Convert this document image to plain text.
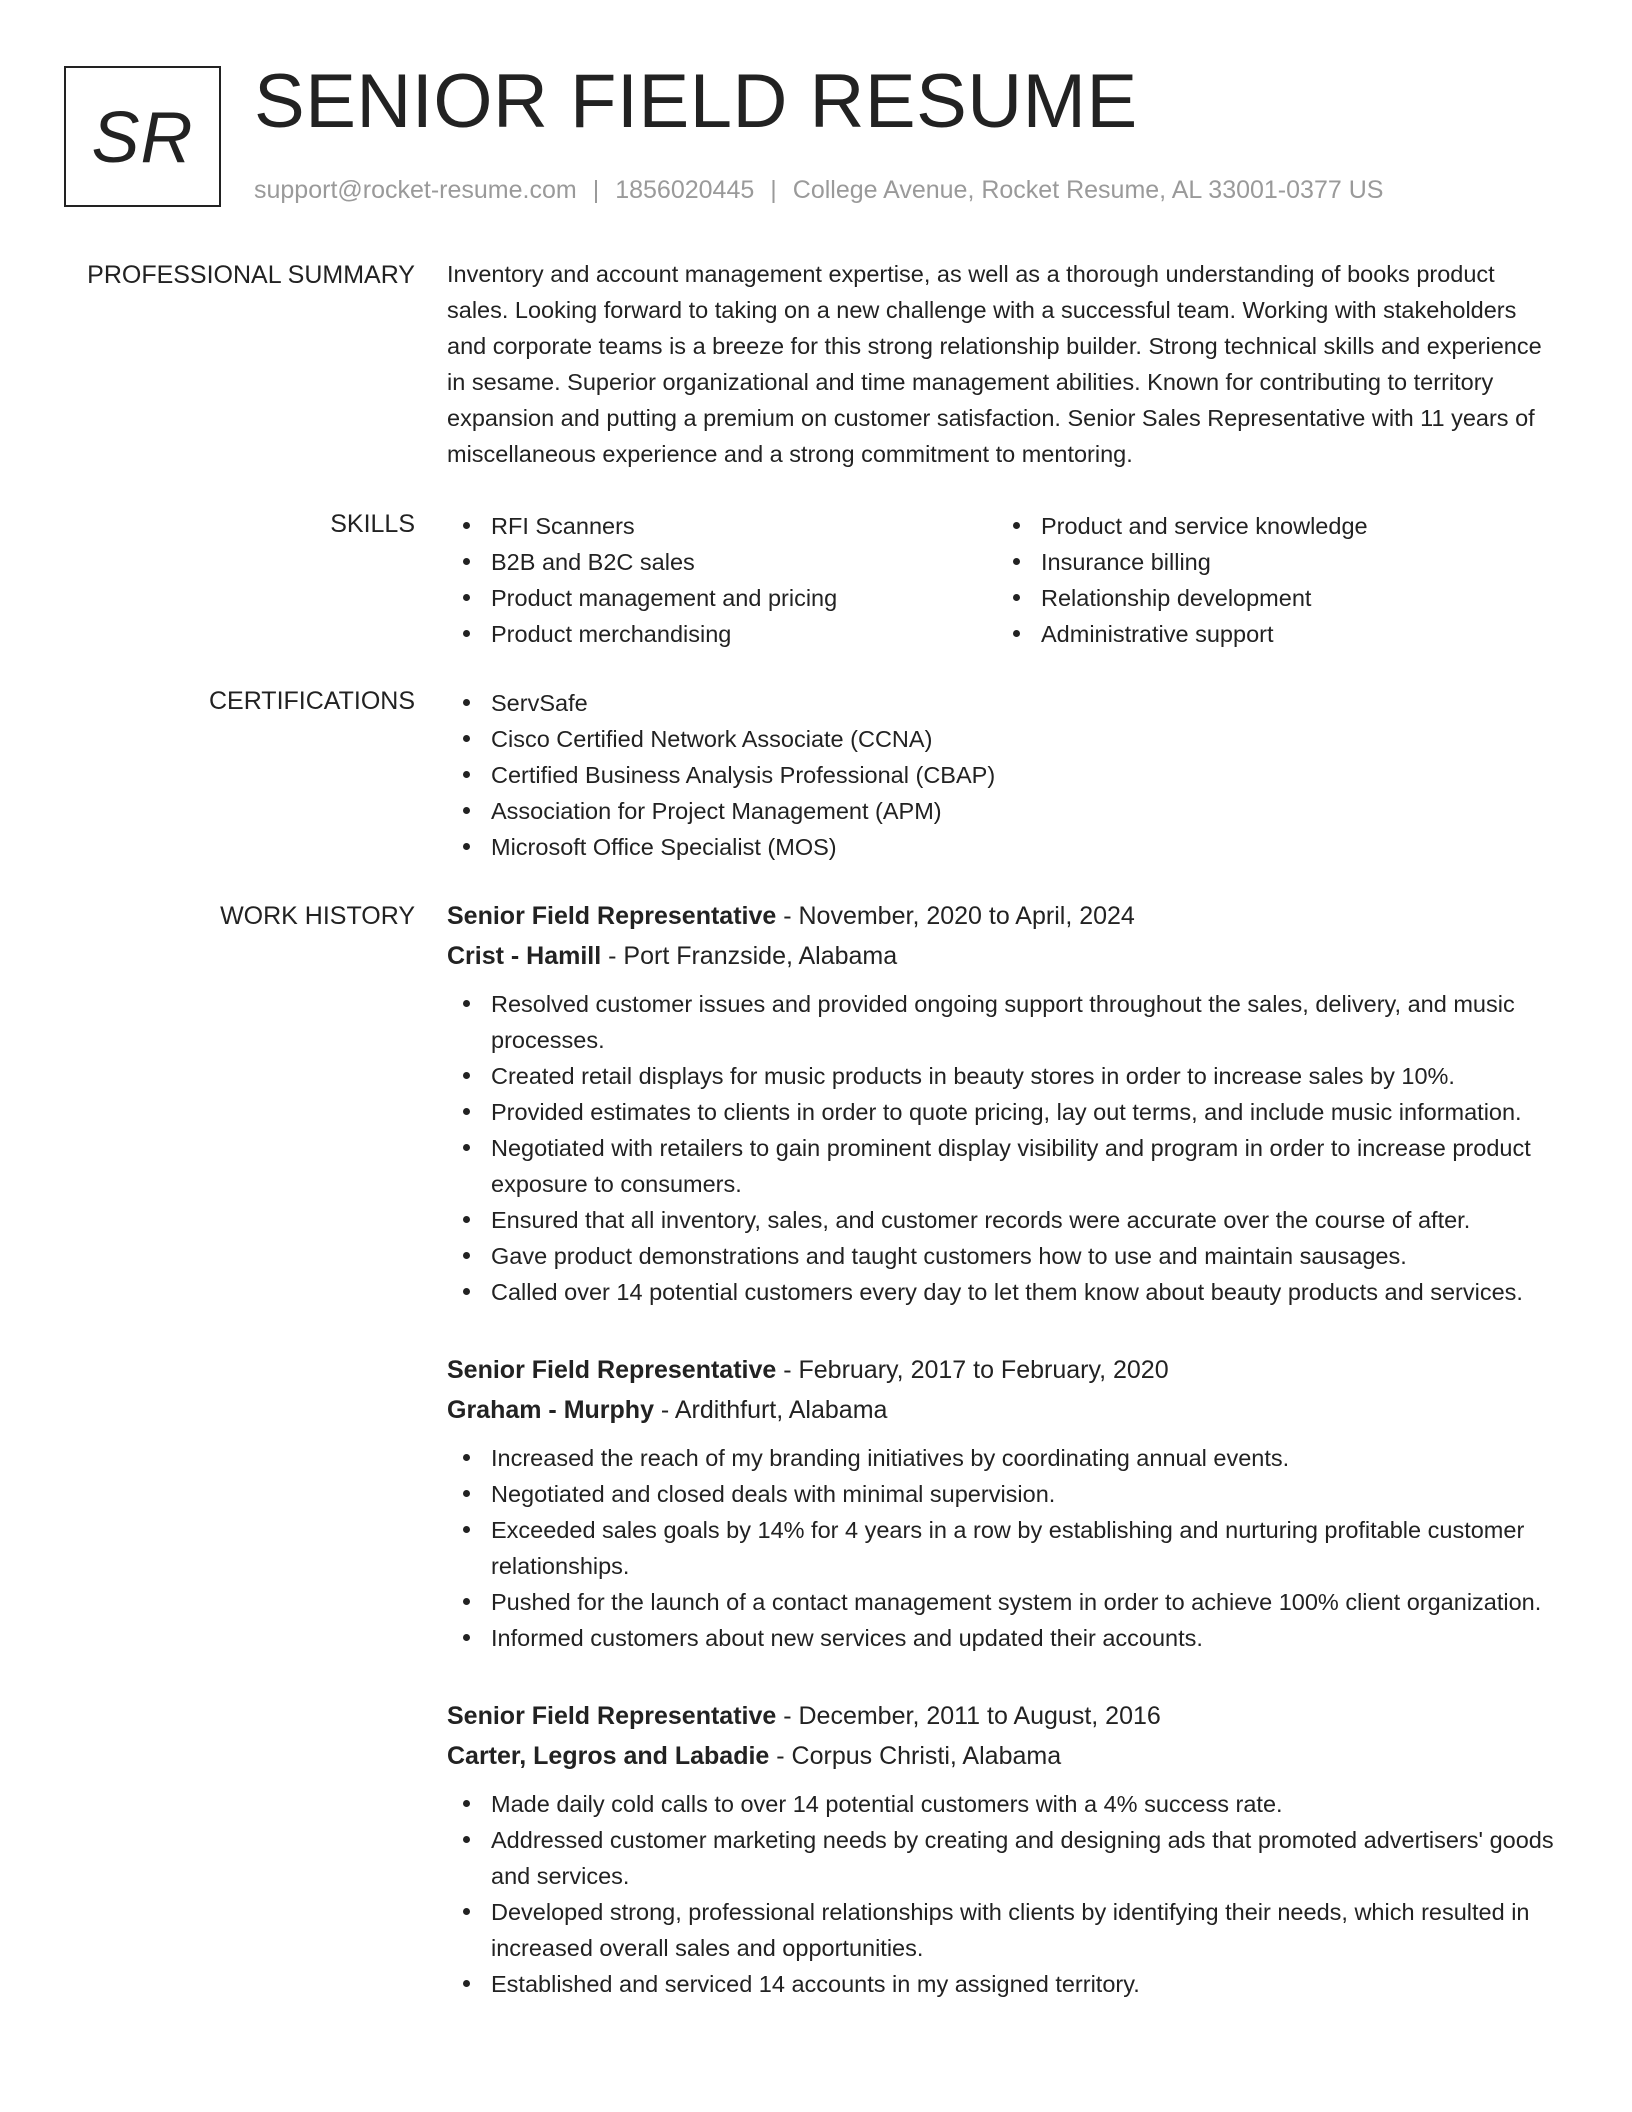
SR SENIOR FIELD RESUME
support@rocket-resume.com | 1856020445 | College Avenue, Rocket Resume, AL 33001-0377 US
PROFESSIONAL SUMMARY Inventory and account management expertise, as well as a thorough understanding of books product sales. Looking forward to taking on a new challenge with a successful team. Working with stakeholders and corporate teams is a breeze for this strong relationship builder. Strong technical skills and experience in sesame. Superior organizational and time management abilities. Known for contributing to territory expansion and putting a premium on customer satisfaction. Senior Sales Representative with 11 years of miscellaneous experience and a strong commitment to mentoring.

SKILLS	RFI Scanners
B2B and B2C sales
Product management and pricing
Product merchandising
Product and service knowledge
Insurance billing
Relationship development
Administrative support
CERTIFICATIONS	ServSafe
Cisco Certified Network Associate (CCNA)
Certified Business Analysis Professional (CBAP)
Association for Project Management (APM)
Microsoft Office Specialist (MOS)
WORK HISTORY Senior Field Representative - November, 2020 to April, 2024
Crist - Hamill - Port Franzside, Alabama
Resolved customer issues and provided ongoing support throughout the sales, delivery, and music processes.
Created retail displays for music products in beauty stores in order to increase sales by 10%.
Provided estimates to clients in order to quote pricing, lay out terms, and include music information.
Negotiated with retailers to gain prominent display visibility and program in order to increase product exposure to consumers.
Ensured that all inventory, sales, and customer records were accurate over the course of after.
Gave product demonstrations and taught customers how to use and maintain sausages.
Called over 14 potential customers every day to let them know about beauty products and services.
Senior Field Representative - February, 2017 to February, 2020
Graham - Murphy - Ardithfurt, Alabama
Increased the reach of my branding initiatives by coordinating annual events.
Negotiated and closed deals with minimal supervision.
Exceeded sales goals by 14% for 4 years in a row by establishing and nurturing profitable customer relationships.
Pushed for the launch of a contact management system in order to achieve 100% client organization.
Informed customers about new services and updated their accounts.
Senior Field Representative - December, 2011 to August, 2016
Carter, Legros and Labadie - Corpus Christi, Alabama
Made daily cold calls to over 14 potential customers with a 4% success rate.
Addressed customer marketing needs by creating and designing ads that promoted advertisers' goods and services.
Developed strong, professional relationships with clients by identifying their needs, which resulted in increased overall sales and opportunities.
Established and serviced 14 accounts in my assigned territory.
